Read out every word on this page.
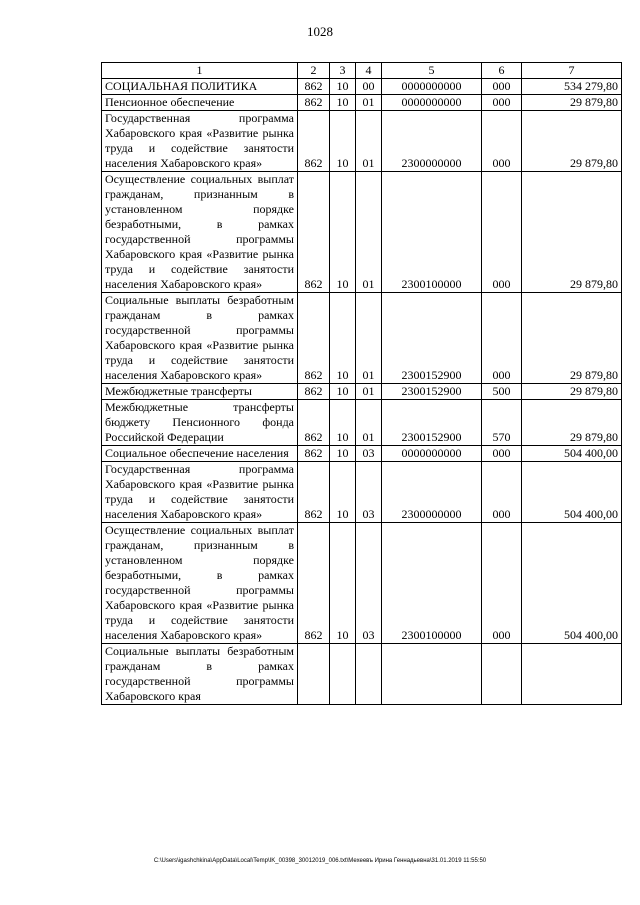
1028
1	2	3	4	5	6	7
СОЦИАЛЬНАЯ ПОЛИТИКА	862	10	00	0000000000	000	534 279,80
Пенсионное обеспечение	862	10	01	0000000000	000	29 879,80
Государственная программа Хабаровского края «Развитие рынка труда и содействие занятости населения Хабаровского края»	862	10	01	2300000000	000	29 879,80
Осуществление социальных выплат гражданам, признанным в установленном порядке безработными, в рамках государственной программы Хабаровского края «Развитие рынка труда и содействие занятости населения Хабаровского края»	862	10	01	2300100000	000	29 879,80
Социальные выплаты безработным гражданам в рамках государственной программы Хабаровского края «Развитие рынка труда и содействие занятости населения Хабаровского края»	862	10	01	2300152900	000	29 879,80
Межбюджетные трансферты	862	10	01	2300152900	500	29 879,80
Межбюджетные трансферты бюджету Пенсионного фонда Российской Федерации	862	10	01	2300152900	570	29 879,80
Социальное обеспечение населения	862	10	03	0000000000	000	504 400,00
Государственная программа Хабаровского края «Развитие рынка труда и содействие занятости населения Хабаровского края»	862	10	03	2300000000	000	504 400,00
Осуществление социальных выплат гражданам, признанным в установленном порядке безработными, в рамках государственной программы Хабаровского края «Развитие рынка труда и содействие занятости населения Хабаровского края»	862	10	03	2300100000	000	504 400,00
Социальные выплаты безработным гражданам в рамках государственной программы Хабаровского края						
C:\Users\igashchkina\AppData\Local\Temp\IK_00398_30012019_006.txt\Мехеевъ Ирина Геннадьевна\31.01.2019 11:55:50
